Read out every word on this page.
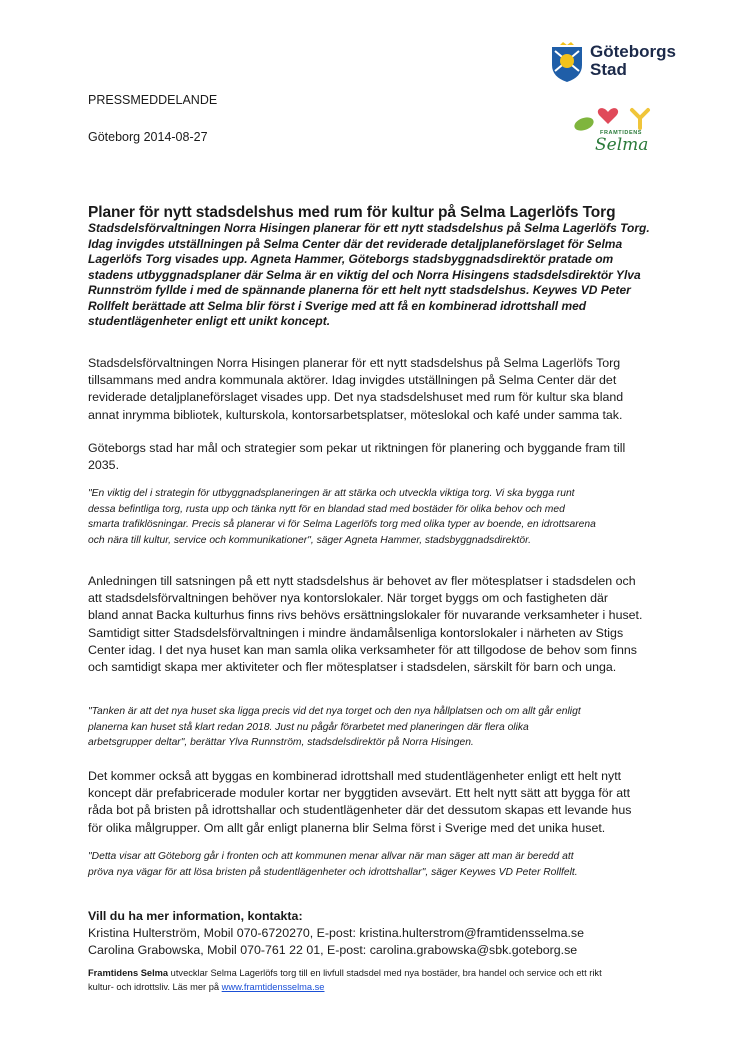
Göteborgs
Stad
FRAMTIDENS
Selma
PRESSMEDDELANDE
Göteborg 2014-08-27
Planer för nytt stadsdelshus med rum för kultur på Selma Lagerlöfs Torg
Stadsdelsförvaltningen Norra Hisingen planerar för ett nytt stadsdelshus på Selma Lagerlöfs Torg.
Idag invigdes utställningen på Selma Center där det reviderade detaljplaneförslaget för Selma
Lagerlöfs Torg visades upp. Agneta Hammer, Göteborgs stadsbyggnadsdirektör pratade om
stadens utbyggnadsplaner där Selma är en viktig del och Norra Hisingens stadsdelsdirektör Ylva
Runnström fyllde i med de spännande planerna för ett helt nytt stadsdelshus. Keywes VD Peter
Rollfelt berättade att Selma blir först i Sverige med att få en kombinerad idrottshall med
studentlägenheter enligt ett unikt koncept.
Stadsdelsförvaltningen Norra Hisingen planerar för ett nytt stadsdelshus på Selma Lagerlöfs Torg
tillsammans med andra kommunala aktörer. Idag invigdes utställningen på Selma Center där det
reviderade detaljplaneförslaget visades upp. Det nya stadsdelshuset med rum för kultur ska bland
annat inrymma bibliotek, kulturskola, kontorsarbetsplatser, möteslokal och kafé under samma tak.
Göteborgs stad har mål och strategier som pekar ut riktningen för planering och byggande fram till
2035.
"En viktig del i strategin för utbyggnadsplaneringen är att stärka och utveckla viktiga torg. Vi ska bygga runt
dessa befintliga torg, rusta upp och tänka nytt för en blandad stad med bostäder för olika behov och med
smarta trafiklösningar. Precis så planerar vi för Selma Lagerlöfs torg med olika typer av boende, en idrottsarena
och nära till kultur, service och kommunikationer", säger Agneta Hammer, stadsbyggnadsdirektör.
Anledningen till satsningen på ett nytt stadsdelshus är behovet av fler mötesplatser i stadsdelen och
att stadsdelsförvaltningen behöver nya kontorslokaler. När torget byggs om och fastigheten där
bland annat Backa kulturhus finns rivs behövs ersättningslokaler för nuvarande verksamheter i huset.
Samtidigt sitter Stadsdelsförvaltningen i mindre ändamålsenliga kontorslokaler i närheten av Stigs
Center idag. I det nya huset kan man samla olika verksamheter för att tillgodose de behov som finns
och samtidigt skapa mer aktiviteter och fler mötesplatser i stadsdelen, särskilt för barn och unga.
"Tanken är att det nya huset ska ligga precis vid det nya torget och den nya hållplatsen och om allt går enligt
planerna kan huset stå klart redan 2018. Just nu pågår förarbetet med planeringen där flera olika
arbetsgrupper deltar", berättar Ylva Runnström, stadsdelsdirektör på Norra Hisingen.
Det kommer också att byggas en kombinerad idrottshall med studentlägenheter enligt ett helt nytt
koncept där prefabricerade moduler kortar ner byggtiden avsevärt. Ett helt nytt sätt att bygga för att
råda bot på bristen på idrottshallar och studentlägenheter där det dessutom skapas ett levande hus
för olika målgrupper. Om allt går enligt planerna blir Selma först i Sverige med det unika huset.
"Detta visar att Göteborg går i fronten och att kommunen menar allvar när man säger att man är beredd att
pröva nya vägar för att lösa bristen på studentlägenheter och idrottshallar", säger Keywes VD Peter Rollfelt.
Vill du ha mer information, kontakta:
Kristina Hulterström, Mobil 070-6720270, E-post: kristina.hulterstrom@framtidensselma.se
Carolina Grabowska, Mobil 070-761 22 01, E-post: carolina.grabowska@sbk.goteborg.se
Framtidens Selma utvecklar Selma Lagerlöfs torg till en livfull stadsdel med nya bostäder, bra handel och service och ett rikt
kultur- och idrottsliv. Läs mer på www.framtidensselma.se
